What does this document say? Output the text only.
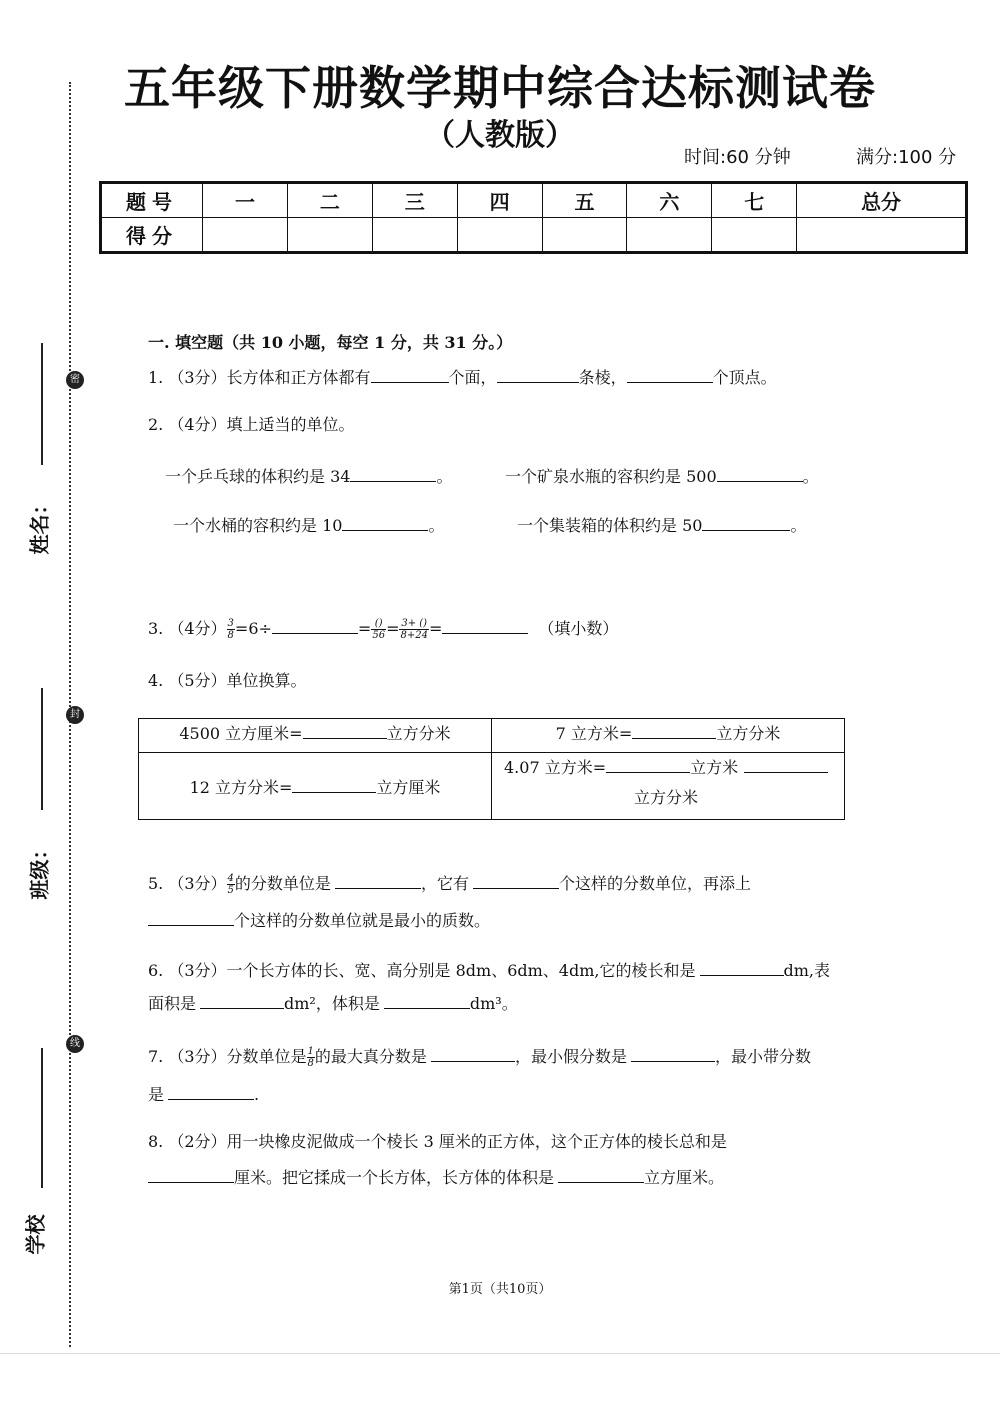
五年级下册数学期中综合达标测试卷
（人教版）
时间:60 分钟	满分:100 分
题号	一	二	三	四	五	六	七	总分
得分								
一. 填空题（共 10 小题，每空 1 分，共 31 分。）
1. （3分）长方体和正方体都有	个面，	条棱，	个顶点。
2. （4分）填上适当的单位。
一个乒乓球的体积约是 34	。	一个矿泉水瓶的容积约是 500	。
一个水桶的容积约是 10	。	一个集装箱的体积约是 50	。
3. （4分） $\frac{3}{8} =6\div$	= $\frac{()}{56} = \frac{3+ ()}{8+24}$ =	（填小数）
4. （5分）单位换算。
4500 立方厘米= 立方分米	7 立方米= 立方分米
12 立方分米= 立方厘米	4.07 立方米= 立方米
立方分米
5. （3分） $\frac{4}{5}$ 的分数单位是	，它有	个这样的分数单位，再添上
个这样的分数单位就是最小的质数。
6. （3分）一个长方体的长、宽、高分别是 8dm、6dm、4dm,它的棱长和是	dm,表
面积是	dm²，体积是	dm³。
7. （3分）分数单位是 $\frac{1}{8}$ 的最大真分数是	，最小假分数是	，最小带分数
是	.
8. （2分）用一块橡皮泥做成一个棱长 3 厘米的正方体，这个正方体的棱长总和是
厘米。把它揉成一个长方体，长方体的体积是	立方厘米。
密
封
线
姓名：
班级：
学校
第1页（共10页）
